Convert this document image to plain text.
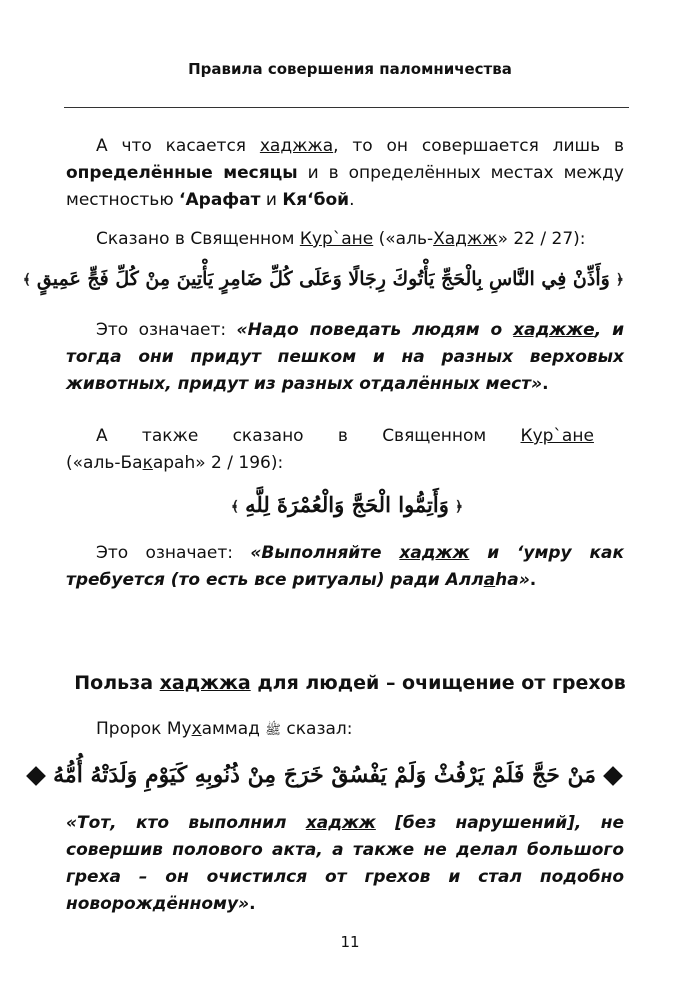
Правила совершения паломничества
А что касается хаджжа, то он совершается лишь в определённые месяцы и в определённых местах между местностью ‘Арафат и Кя‘бой.
Сказано в Священном Кур`ане («аль-Хаджж» 22 / 27):
﴿وَأَذِّنْ فِي النَّاسِ بِالْحَجِّ يَأْتُوكَ رِجَالًا وَعَلَى كُلِّ ضَامِرٍ يَأْتِينَ مِنْ كُلِّ فَجٍّ عَمِيقٍ﴾
Это означает: «Надо поведать людям о хаджже, и тогда они придут пешком и на разных верховых животных, придут из разных отдалённых мест».
А	также	сказано	в	Священном	Кур`ане
(«аль-Бакараh» 2 / 196):
﴿وَأَتِمُّوا الْحَجَّ وَالْعُمْرَةَ لِلَّهِ﴾
Это означает: «Выполняйте хаджж и ‘умру как требуется (то есть все ритуалы) ради Аллаhа».
Польза хаджжа для людей – очищение от грехов
Пророк Мухаммад ﷺ сказал:
مَنْ حَجَّ فَلَمْ يَرْفُثْ وَلَمْ يَفْسُقْ خَرَجَ مِنْ ذُنُوبِهِ كَيَوْمِ وَلَدَتْهُ أُمُّهُ
«Тот, кто выполнил хаджж [без нарушений], не совершив полового акта, а также не делал большого греха – он очистился от грехов и стал подобно новорождённому».
11
